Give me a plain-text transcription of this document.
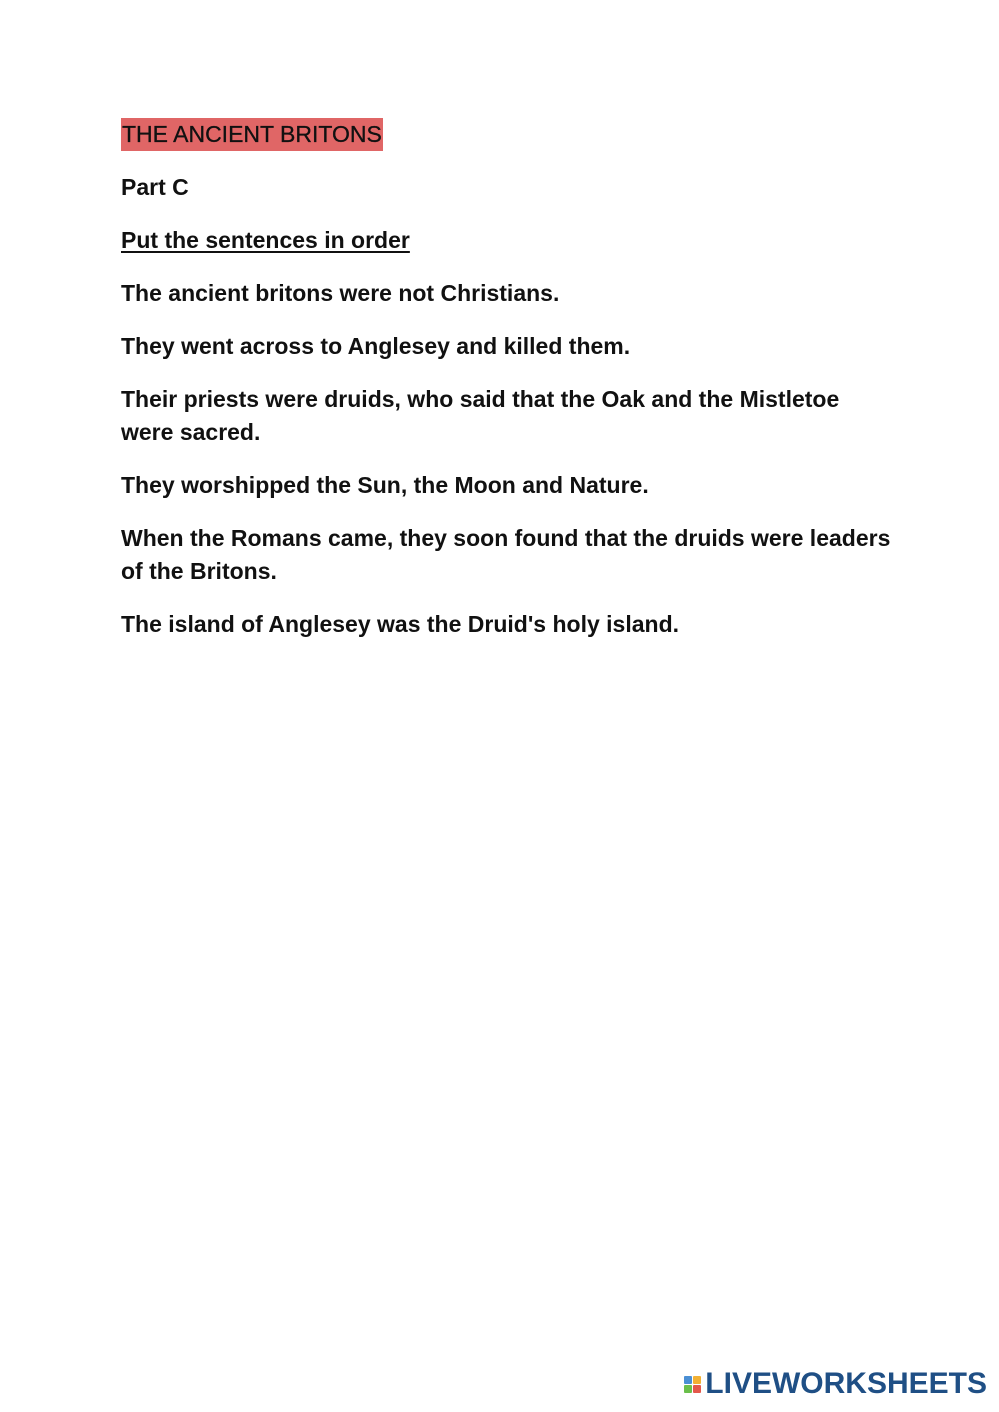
THE ANCIENT BRITONS
Part C
Put the sentences in order
The ancient britons were not Christians.
They went across to Anglesey and killed them.
Their priests were druids, who said that the Oak and the Mistletoe were sacred.
They worshipped the Sun, the Moon and Nature.
When the Romans came, they soon found that the druids were leaders of the Britons.
The island of Anglesey was the Druid's holy island.
LIVEWORKSHEETS
